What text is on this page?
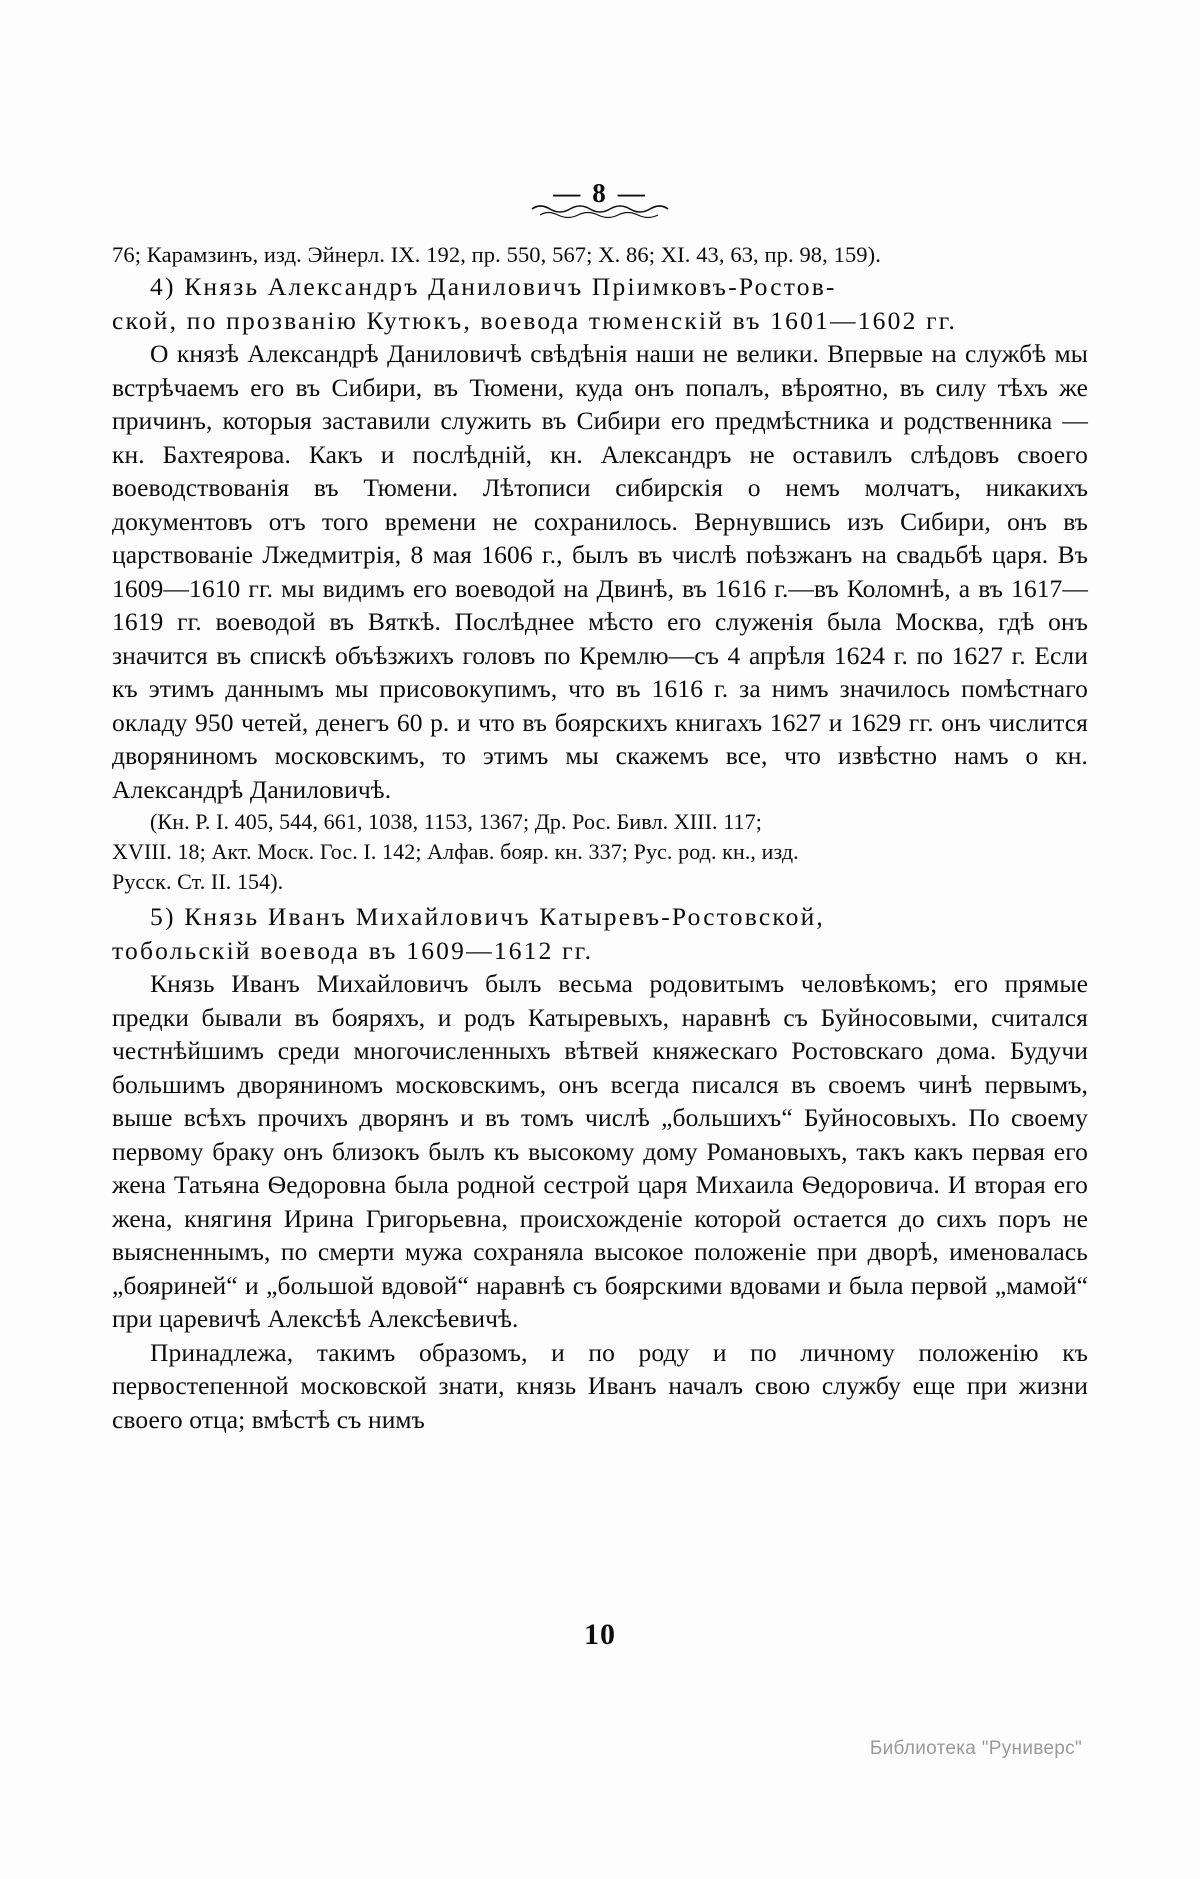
— 8 —

76; Карамзинъ, изд. Эйнерл. IX. 192, пр. 550, 567; X. 86; XI. 43, 63, пр. 98, 159).

4) Князь Александръ Даниловичъ Пріимковъ-Ростов-

ской, по прозванію Кутюкъ, воевода тюменскій въ 1601—1602 гг.

О князѣ Александрѣ Даниловичѣ свѣдѣнія наши не велики. Впервые на службѣ мы встрѣчаемъ его въ Сибири, въ Тюмени, куда онъ попалъ, вѣроятно, въ силу тѣхъ же причинъ, которыя заставили служить въ Сибири его предмѣстника и родственника — кн. Бахтеярова. Какъ и послѣдній, кн. Александръ не оставилъ слѣдовъ своего воеводствованія въ Тюмени. Лѣтописи сибирскія о немъ молчатъ, никакихъ документовъ отъ того времени не сохранилось. Вернувшись изъ Сибири, онъ въ царствованіе Лжедмитрія, 8 мая 1606 г., былъ въ числѣ поѣзжанъ на свадьбѣ царя. Въ 1609—1610 гг. мы видимъ его воеводой на Двинѣ, въ 1616 г.—въ Коломнѣ, а въ 1617—1619 гг. воеводой въ Вяткѣ. Послѣднее мѣсто его служенія была Москва, гдѣ онъ значится въ спискѣ объѣзжихъ головъ по Кремлю—съ 4 апрѣля 1624 г. по 1627 г. Если къ этимъ даннымъ мы присовокупимъ, что въ 1616 г. за нимъ значилось помѣстнаго окладу 950 четей, денегъ 60 р. и что въ боярскихъ книгахъ 1627 и 1629 гг. онъ числится дворяниномъ московскимъ, то этимъ мы скажемъ все, что извѣстно намъ о кн. Александрѣ Даниловичѣ.

(Кн. Р. I. 405, 544, 661, 1038, 1153, 1367; Др. Рос. Бивл. XIII. 117;

XVIII. 18; Акт. Моск. Гос. I. 142; Алфав. бояр. кн. 337; Рус. род. кн., изд.

Русск. Ст. II. 154).

5) Князь Иванъ Михайловичъ Катыревъ-Ростовской,

тобольскій воевода въ 1609—1612 гг.

Князь Иванъ Михайловичъ былъ весьма родовитымъ человѣкомъ; его прямые предки бывали въ бояряхъ, и родъ Катыревыхъ, наравнѣ съ Буйносовыми, считался честнѣйшимъ среди многочисленныхъ вѣтвей княжескаго Ростовскаго дома. Будучи большимъ дворяниномъ московскимъ, онъ всегда писался въ своемъ чинѣ первымъ, выше всѣхъ прочихъ дворянъ и въ томъ числѣ „большихъ“ Буйносовыхъ. По своему первому браку онъ близокъ былъ къ высокому дому Романовыхъ, такъ какъ первая его жена Татьяна Ѳедоровна была родной сестрой царя Михаила Ѳедоровича. И вторая его жена, княгиня Ирина Григорьевна, происхожденіе которой остается до сихъ поръ не выясненнымъ, по смерти мужа сохраняла высокое положеніе при дворѣ, именовалась „бояриней“ и „большой вдовой“ наравнѣ съ боярскими вдовами и была первой „мамой“ при царевичѣ Алексѣѣ Алексѣевичѣ.

Принадлежа, такимъ образомъ, и по роду и по личному положенію къ первостепенной московской знати, князь Иванъ началъ свою службу еще при жизни своего отца; вмѣстѣ съ нимъ

10
Библиотека "Руниверс"
